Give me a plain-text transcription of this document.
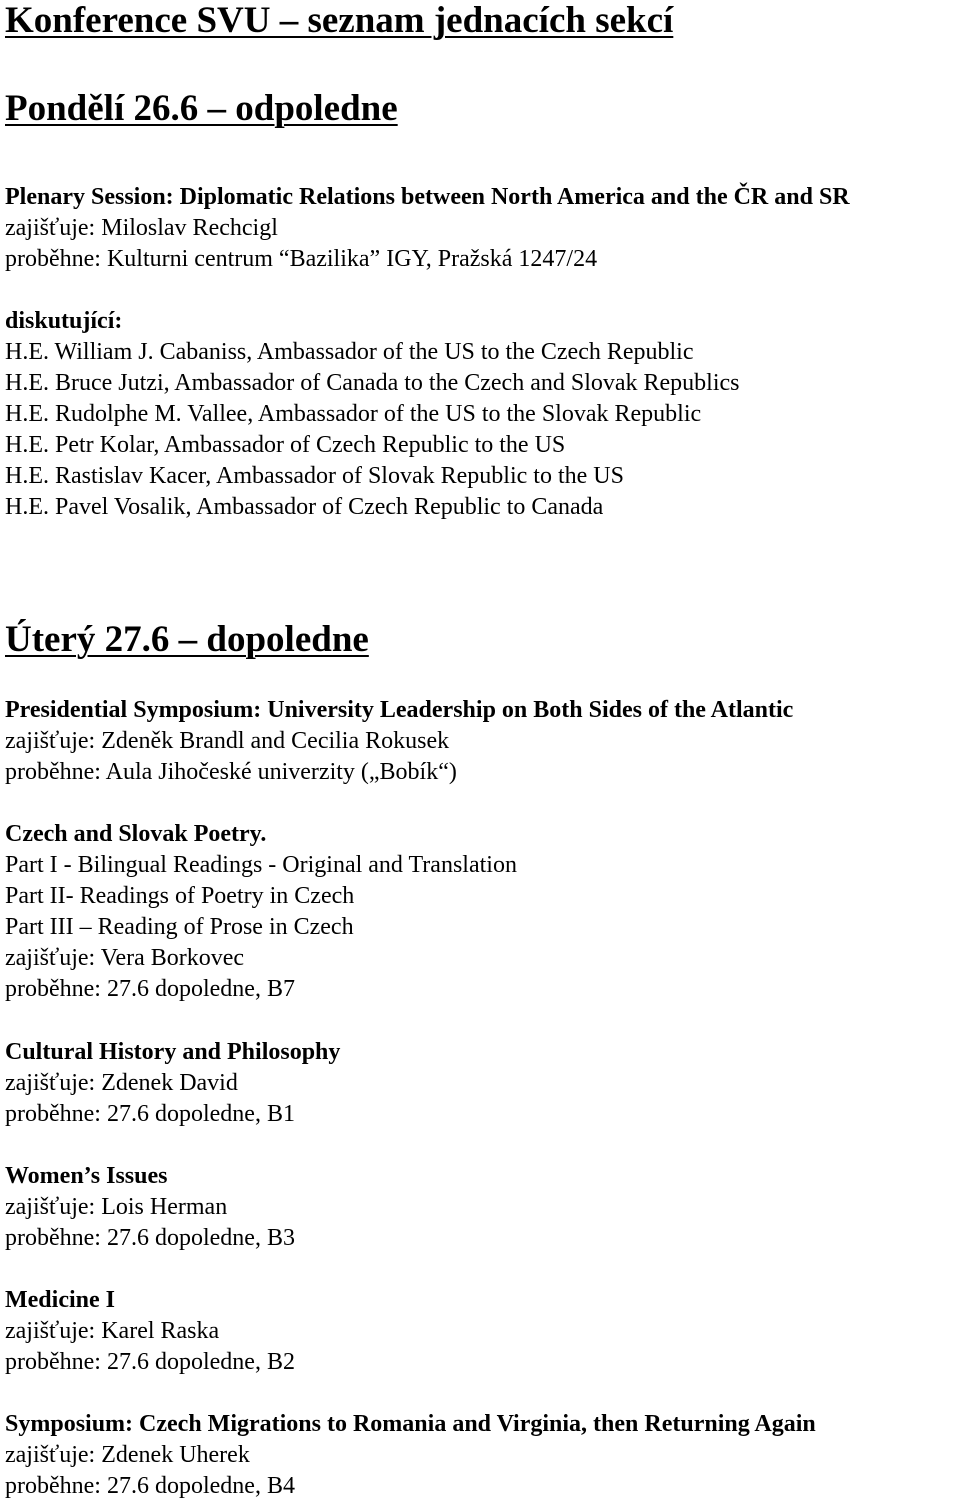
Konference SVU – seznam jednacích sekcí
Pondělí 26.6 – odpoledne
Plenary Session: Diplomatic Relations between North America and the ČR and SR
zajišťuje: Miloslav Rechcigl
proběhne: Kulturni centrum “Bazilika” IGY, Pražská 1247/24
diskutující:
H.E. William J. Cabaniss, Ambassador of the US to the Czech Republic
H.E. Bruce Jutzi, Ambassador of Canada to the Czech and Slovak Republics
H.E. Rudolphe M. Vallee, Ambassador of the US to the Slovak Republic
H.E. Petr Kolar, Ambassador of Czech Republic to the US
H.E. Rastislav Kacer, Ambassador of Slovak Republic to the US
H.E. Pavel Vosalik, Ambassador of Czech Republic to Canada
Úterý 27.6 – dopoledne
Presidential Symposium: University Leadership on Both Sides of the Atlantic
zajišťuje: Zdeněk Brandl and Cecilia Rokusek
proběhne: Aula Jihočeské univerzity („Bobík“)
Czech and Slovak Poetry.
Part I - Bilingual Readings - Original and Translation
Part II- Readings of Poetry in Czech
Part III – Reading of Prose in Czech
zajišťuje: Vera Borkovec
proběhne: 27.6 dopoledne, B7
Cultural History and Philosophy
zajišťuje: Zdenek David
proběhne: 27.6 dopoledne, B1
Women’s Issues
zajišťuje: Lois Herman
proběhne: 27.6 dopoledne, B3
Medicine I
zajišťuje: Karel Raska
proběhne: 27.6 dopoledne, B2
Symposium: Czech Migrations to Romania and Virginia, then Returning Again
zajišťuje: Zdenek Uherek
proběhne: 27.6 dopoledne, B4
